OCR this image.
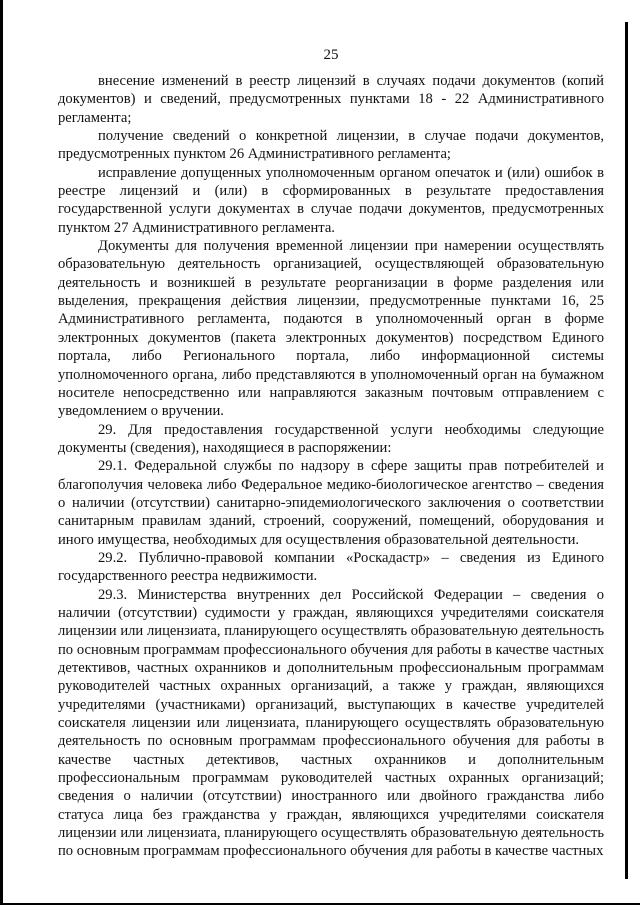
25

внесение изменений в реестр лицензий в случаях подачи документов (копий документов) и сведений, предусмотренных пунктами 18 - 22 Административного регламента;

получение сведений о конкретной лицензии, в случае подачи документов, предусмотренных пунктом 26 Административного регламента;

исправление допущенных уполномоченным органом опечаток и (или) ошибок в реестре лицензий и (или) в сформированных в результате предоставления государственной услуги документах в случае подачи документов, предусмотренных пунктом 27 Административного регламента.

Документы для получения временной лицензии при намерении осуществлять образовательную деятельность организацией, осуществляющей образовательную деятельность и возникшей в результате реорганизации в форме разделения или выделения, прекращения действия лицензии, предусмотренные пунктами 16, 25 Административного регламента, подаются в уполномоченный орган в форме электронных документов (пакета электронных документов) посредством Единого портала, либо Регионального портала, либо информационной системы уполномоченного органа, либо представляются в уполномоченный орган на бумажном носителе непосредственно или направляются заказным почтовым отправлением с уведомлением о вручении.

29. Для предоставления государственной услуги необходимы следующие документы (сведения), находящиеся в распоряжении:

29.1. Федеральной службы по надзору в сфере защиты прав потребителей и благополучия человека либо Федеральное медико-биологическое агентство – сведения о наличии (отсутствии) санитарно-эпидемиологического заключения о соответствии санитарным правилам зданий, строений, сооружений, помещений, оборудования и иного имущества, необходимых для осуществления образовательной деятельности.

29.2. Публично-правовой компании «Роскадастр» – сведения из Единого государственного реестра недвижимости.

29.3. Министерства внутренних дел Российской Федерации – сведения о наличии (отсутствии) судимости у граждан, являющихся учредителями соискателя лицензии или лицензиата, планирующего осуществлять образовательную деятельность по основным программам профессионального обучения для работы в качестве частных детективов, частных охранников и дополнительным профессиональным программам руководителей частных охранных организаций, а также у граждан, являющихся учредителями (участниками) организаций, выступающих в качестве учредителей соискателя лицензии или лицензиата, планирующего осуществлять образовательную деятельность по основным программам профессионального обучения для работы в качестве частных детективов, частных охранников и дополнительным профессиональным программам руководителей частных охранных организаций; сведения о наличии (отсутствии) иностранного или двойного гражданства либо статуса лица без гражданства у граждан, являющихся учредителями соискателя лицензии или лицензиата, планирующего осуществлять образовательную деятельность по основным программам профессионального обучения для работы в качестве частных
